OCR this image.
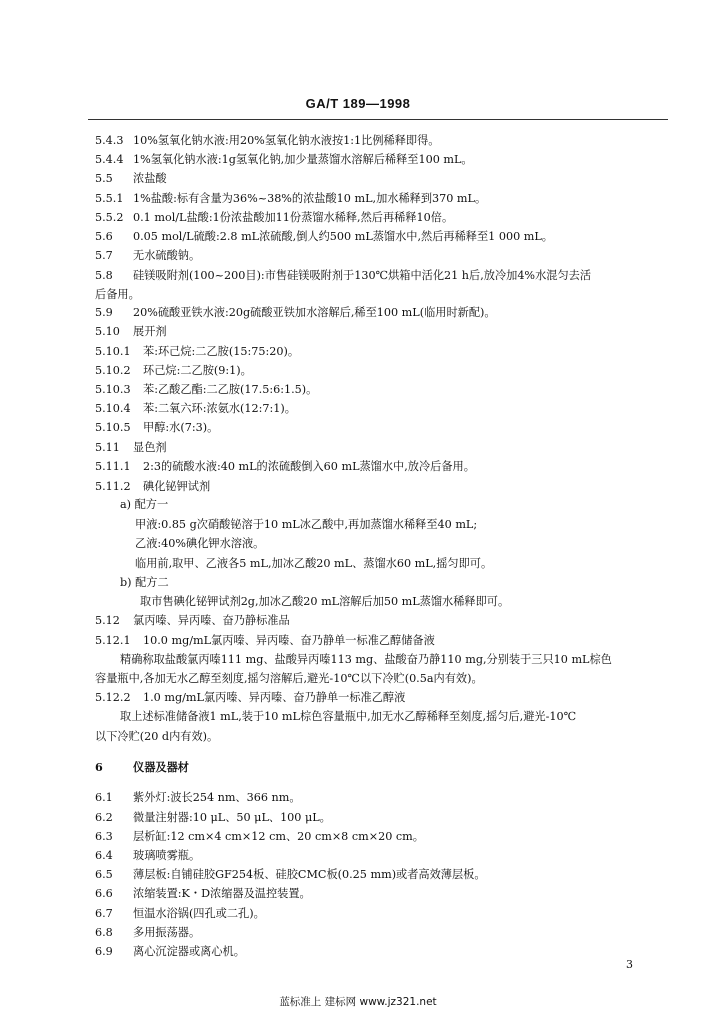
GA/T 189—1998
5.4.3 10%氢氧化钠水液:用20%氢氧化钠水液按1:1比例稀释即得。
5.4.4 1%氢氧化钠水液:1g氢氧化钠,加少量蒸馏水溶解后稀释至100 mL。
5.5 浓盐酸
5.5.1 1%盐酸:标有含量为36%~38%的浓盐酸10 mL,加水稀释到370 mL。
5.5.2 0.1 mol/L盐酸:1份浓盐酸加11份蒸馏水稀释,然后再稀释10倍。
5.6 0.05 mol/L硫酸:2.8 mL浓硫酸,倒人约500 mL蒸馏水中,然后再稀释至1 000 mL。
5.7 无水硫酸钠。
5.8 硅镁吸附剂(100~200目):市售硅镁吸附剂于130℃烘箱中活化21 h后,放冷加4%水混匀去活
后备用。
5.9 20%硫酸亚铁水液:20g硫酸亚铁加水溶解后,稀至100 mL(临用时新配)。
5.10 展开剂
5.10.1 苯:环己烷:二乙胺(15:75:20)。
5.10.2 环己烷:二乙胺(9:1)。
5.10.3 苯:乙酸乙酯:二乙胺(17.5:6:1.5)。
5.10.4 苯:二氧六环:浓氨水(12:7:1)。
5.10.5 甲醇:水(7:3)。
5.11 显色剂
5.11.1 2:3的硫酸水液:40 mL的浓硫酸倒入60 mL蒸馏水中,放冷后备用。
5.11.2 碘化铋钾试剂
a) 配方一
甲液:0.85 g次硝酸铋溶于10 mL冰乙酸中,再加蒸馏水稀释至40 mL;
乙液:40%碘化钾水溶液。
临用前,取甲、乙液各5 mL,加冰乙酸20 mL、蒸馏水60 mL,摇匀即可。
b) 配方二
取市售碘化铋钾试剂2g,加冰乙酸20 mL溶解后加50 mL蒸馏水稀释即可。
5.12 氯丙嗪、异丙嗪、奋乃静标准品
5.12.1 10.0 mg/mL氯丙嗪、异丙嗪、奋乃静单一标准乙醇储备液
精确称取盐酸氯丙嗪111 mg、盐酸异丙嗪113 mg、盐酸奋乃静110 mg,分别装于三只10 mL棕色
容量瓶中,各加无水乙醇至刻度,摇匀溶解后,避光-10℃以下冷贮(0.5a内有效)。
5.12.2 1.0 mg/mL氯丙嗪、异丙嗪、奋乃静单一标准乙醇液
取上述标准储备液1 mL,装于10 mL棕色容量瓶中,加无水乙醇稀释至刻度,摇匀后,避光-10℃
以下冷贮(20 d内有效)。
6	仪器及器材
6.1 紫外灯:波长254 nm、366 nm。
6.2 微量注射器:10 μL、50 μL、100 μL。
6.3 层析缸:12 cm×4 cm×12 cm、20 cm×8 cm×20 cm。
6.4 玻璃喷雾瓶。
6.5 薄层板:自铺硅胶GF254板、硅胶CMC板(0.25 mm)或者高效薄层板。
6.6 浓缩装置:K・D浓缩器及温控装置。
6.7 恒温水浴锅(四孔或二孔)。
6.8 多用振荡器。
6.9 离心沉淀器或离心机。
3
蓝标准上 建标网 www.jz321.net
